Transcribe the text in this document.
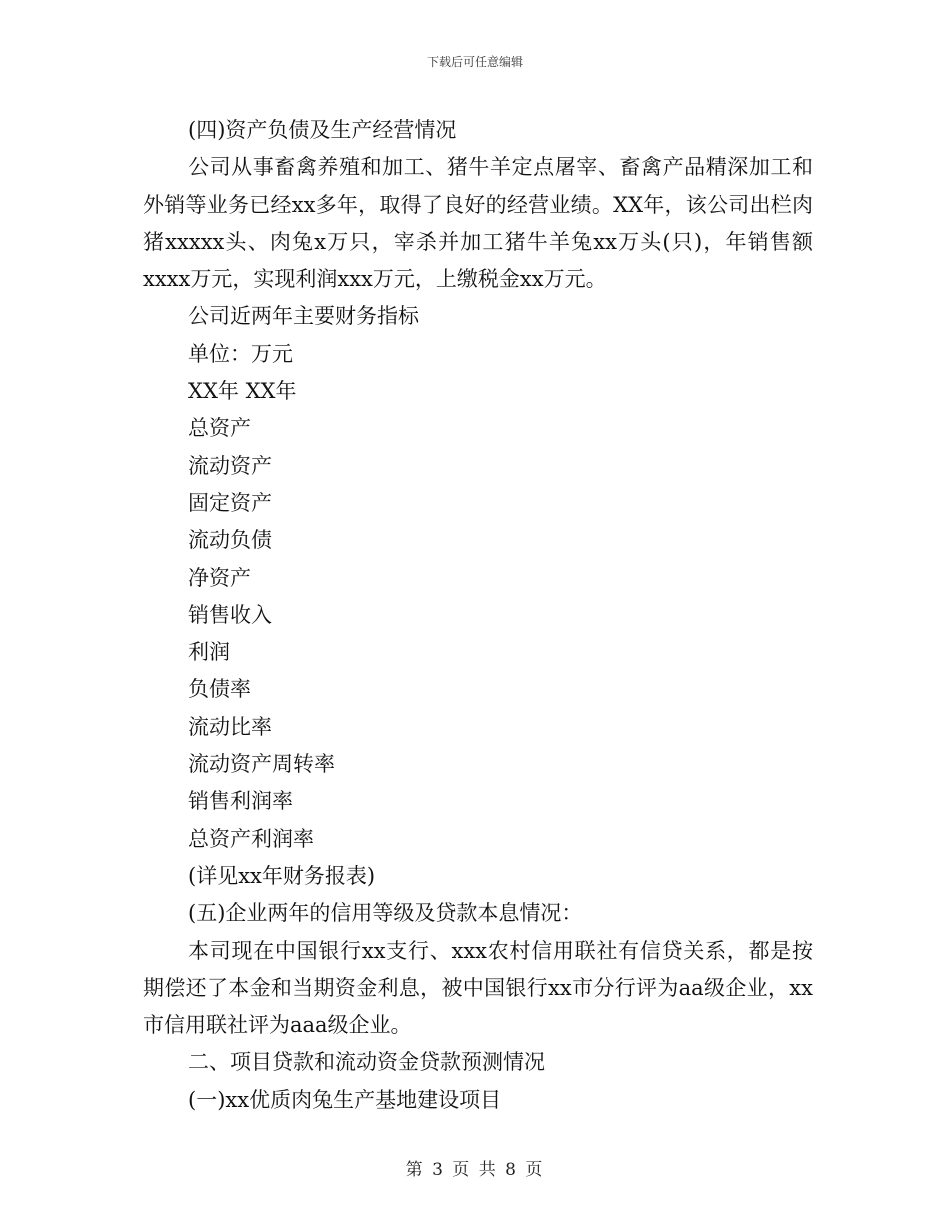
下载后可任意编辑
(四)资产负债及生产经营情况

公司从事畜禽养殖和加工、猪牛羊定点屠宰、畜禽产品精深加工和外销等业务已经xx多年，取得了良好的经营业绩。XX年，该公司出栏肉猪xxxxx头、肉兔x万只，宰杀并加工猪牛羊兔xx万头(只)，年销售额xxxx万元，实现利润xxx万元，上缴税金xx万元。

公司近两年主要财务指标
单位：万元
XX年 XX年
总资产
流动资产
固定资产
流动负债
净资产
销售收入
利润
负债率
流动比率
流动资产周转率
销售利润率
总资产利润率
(详见xx年财务报表)
(五)企业两年的信用等级及贷款本息情况：

本司现在中国银行xx支行、xxx农村信用联社有信贷关系，都是按期偿还了本金和当期资金利息，被中国银行xx市分行评为aa级企业，xx市信用联社评为aaa级企业。

二、项目贷款和流动资金贷款预测情况
(一)xx优质肉兔生产基地建设项目
第 3 页 共 8 页
